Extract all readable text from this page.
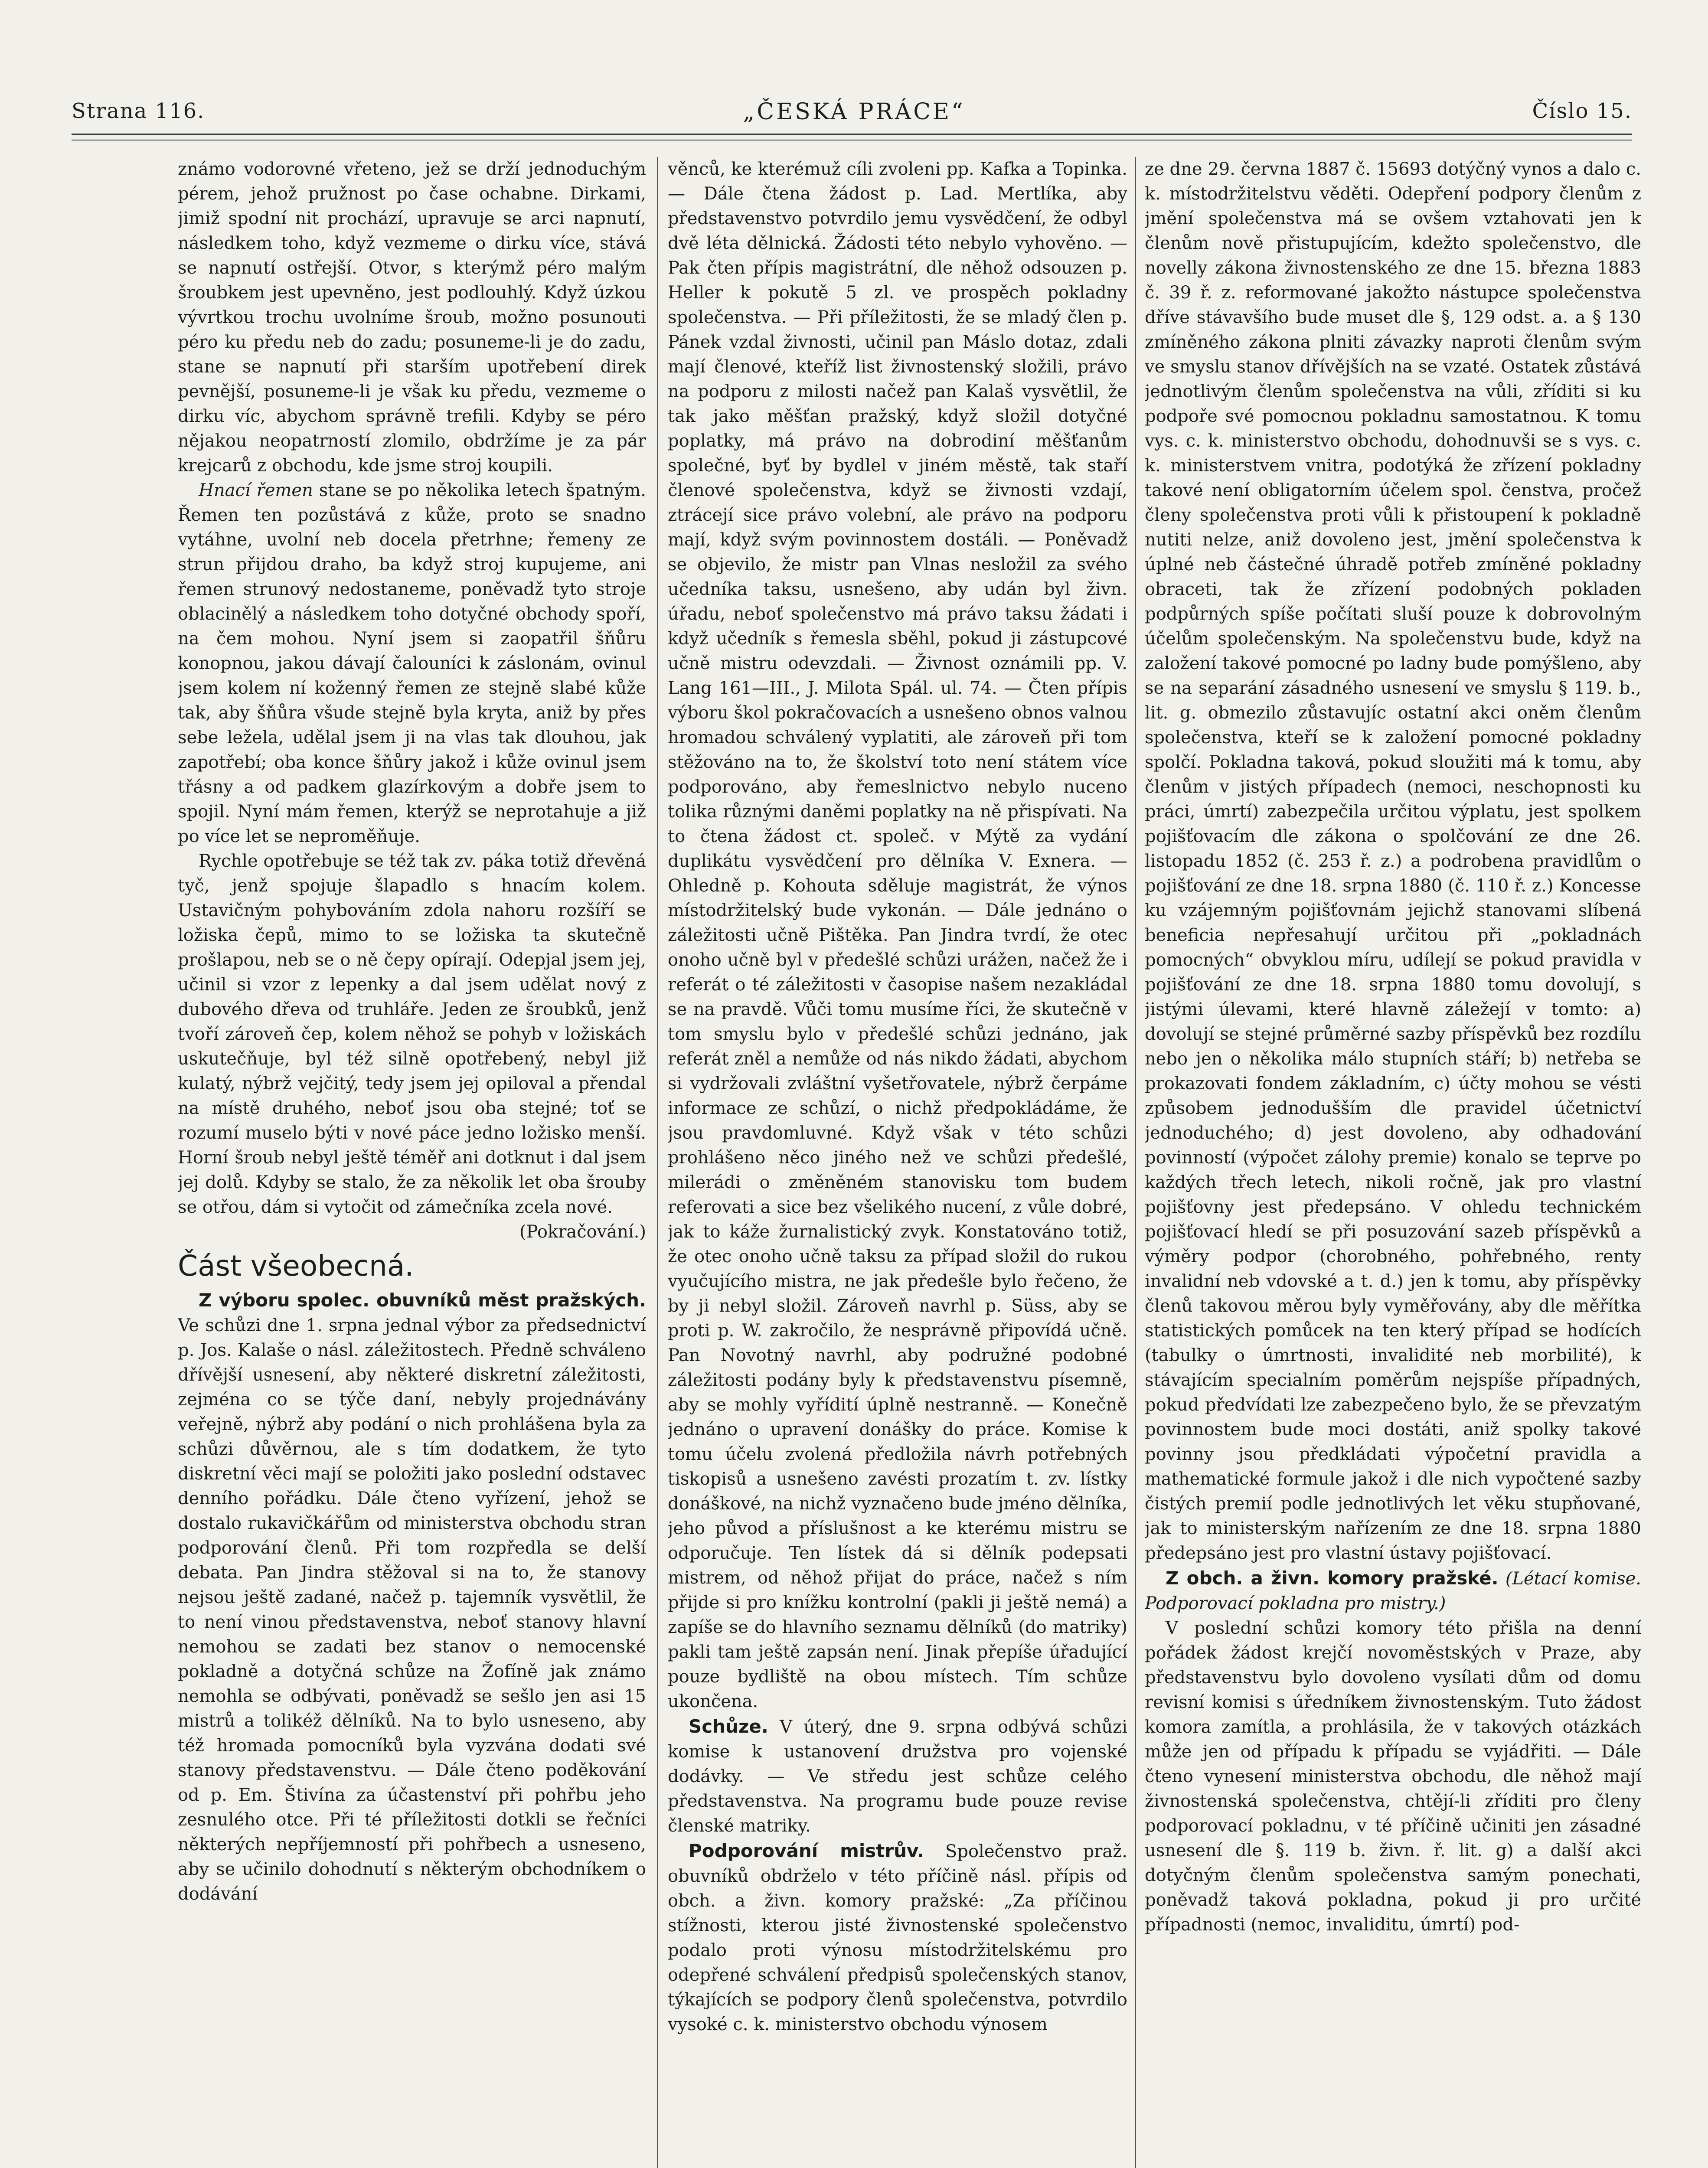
Strana 116.	„ČESKÁ PRÁCE“	Číslo 15.

známo vodorovné vřeteno, jež se drží jednoduchým pérem, jehož pružnost po čase ochabne. Dirkami, jimiž spodní nit prochází, upravuje se arci napnutí, následkem toho, když vezmeme o dirku více, stává se napnutí ostřejší. Otvor, s kterýmž péro malým šroubkem jest upevněno, jest podlouhlý. Když úzkou vývrtkou trochu uvolníme šroub, možno posunouti péro ku předu neb do zadu; posuneme-li je do zadu, stane se napnutí při starším upotřebení direk pevnější, posuneme-li je však ku předu, vezmeme o dirku víc, abychom správně trefili. Kdyby se péro nějakou neopatrností zlomilo, obdržíme je za pár krejcarů z obchodu, kde jsme stroj koupili.

Hnací řemen stane se po několika letech špatným. Řemen ten pozůstává z kůže, proto se snadno vytáhne, uvolní neb docela přetrhne; řemeny ze strun přijdou draho, ba když stroj kupujeme, ani řemen strunový nedostaneme, poněvadž tyto stroje oblacinělý a následkem toho dotyčné obchody spoří, na čem mohou. Nyní jsem si zaopatřil šňůru konopnou, jakou dávají čalouníci k záslonám, ovinul jsem kolem ní koženný řemen ze stejně slabé kůže tak, aby šňůra všude stejně byla kryta, aniž by přes sebe ležela, udělal jsem ji na vlas tak dlouhou, jak zapotřebí; oba konce šňůry jakož i kůže ovinul jsem třásny a od padkem glazírkovým a dobře jsem to spojil. Nyní mám řemen, kterýž se neprotahuje a již po více let se neproměňuje.

Rychle opotřebuje se též tak zv. páka totiž dřevěná tyč, jenž spojuje šlapadlo s hnacím kolem. Ustavičným pohybováním zdola nahoru rozšíří se ložiska čepů, mimo to se ložiska ta skutečně prošlapou, neb se o ně čepy opírají. Odepjal jsem jej, učinil si vzor z lepenky a dal jsem udělat nový z dubového dřeva od truhláře. Jeden ze šroubků, jenž tvoří zároveň čep, kolem něhož se pohyb v ložiskách uskutečňuje, byl též silně opotřebený, nebyl již kulatý, nýbrž vejčitý, tedy jsem jej opiloval a přendal na místě druhého, neboť jsou oba stejné; toť se rozumí muselo býti v nové páce jedno ložisko menší. Horní šroub nebyl ještě téměř ani dotknut i dal jsem jej dolů. Kdyby se stalo, že za několik let oba šrouby se otřou, dám si vytočit od zámečníka zcela nové.

(Pokračování.)

Část všeobecná.

Z výboru spolec. obuvníků měst pražských. Ve schůzi dne 1. srpna jednal výbor za předsednictví p. Jos. Kalaše o násl. záležitostech. Předně schváleno dřívější usnesení, aby některé diskretní záležitosti, zejména co se týče daní, nebyly projednávány veřejně, nýbrž aby podání o nich prohlášena byla za schůzi důvěrnou, ale s tím dodatkem, že tyto diskretní věci mají se položiti jako poslední odstavec denního pořádku. Dále čteno vyřízení, jehož se dostalo rukavičkářům od ministerstva obchodu stran podporování členů. Při tom rozpředla se delší debata. Pan Jindra stěžoval si na to, že stanovy nejsou ještě zadané, načež p. tajemník vysvětlil, že to není vinou představenstva, neboť stanovy hlavní nemohou se zadati bez stanov o nemocenské pokladně a dotyčná schůze na Žofíně jak známo nemohla se odbývati, poněvadž se sešlo jen asi 15 mistrů a tolikéž dělníků. Na to bylo usneseno, aby též hromada pomocníků byla vyzvána dodati své stanovy představenstvu. — Dále čteno poděkování od p. Em. Štivína za účastenství při pohřbu jeho zesnulého otce. Při té příležitosti dotkli se řečníci některých nepříjemností při pohřbech a usneseno, aby se učinilo dohodnutí s některým obchodníkem o dodávání

věnců, ke kterémuž cíli zvoleni pp. Kafka a Topinka. — Dále čtena žádost p. Lad. Mertlíka, aby představenstvo potvrdilo jemu vysvědčení, že odbyl dvě léta dělnická. Žádosti této nebylo vyhověno. — Pak čten přípis magistrátní, dle něhož odsouzen p. Heller k pokutě 5 zl. ve prospěch pokladny společenstva. — Při příležitosti, že se mladý člen p. Pánek vzdal živnosti, učinil pan Máslo dotaz, zdali mají členové, kteříž list živnostenský složili, právo na podporu z milosti načež pan Kalaš vysvětlil, že tak jako měšťan pražský, když složil dotyčné poplatky, má právo na dobrodiní měšťanům společné, byť by bydlel v jiném městě, tak staří členové společenstva, když se živnosti vzdají, ztrácejí sice právo volební, ale právo na podporu mají, když svým povinnostem dostáli. — Poněvadž se objevilo, že mistr pan Vlnas nesložil za svého učedníka taksu, usnešeno, aby udán byl živn. úřadu, neboť společenstvo má právo taksu žádati i když učedník s řemesla sběhl, pokud ji zástupcové učně mistru odevzdali. — Živnost oznámili pp. V. Lang 161—III., J. Milota Spál. ul. 74. — Čten přípis výboru škol pokračovacích a usnešeno obnos valnou hromadou schválený vyplatiti, ale zároveň při tom stěžováno na to, že školství toto není státem více podporováno, aby řemeslnictvo nebylo nuceno tolika různými daněmi poplatky na ně přispívati. Na to čtena žádost ct. společ. v Mýtě za vydání duplikátu vysvědčení pro dělníka V. Exnera. — Ohledně p. Kohouta sděluje magistrát, že výnos místodržitelský bude vykonán. — Dále jednáno o záležitosti učně Pištěka. Pan Jindra tvrdí, že otec onoho učně byl v předešlé schůzi urážen, načež že i referát o té záležitosti v časopise našem nezakládal se na pravdě. Vůči tomu musíme říci, že skutečně v tom smyslu bylo v předešlé schůzi jednáno, jak referát zněl a nemůže od nás nikdo žádati, abychom si vydržovali zvláštní vyšetřovatele, nýbrž čerpáme informace ze schůzí, o nichž předpokládáme, že jsou pravdomluvné. Když však v této schůzi prohlášeno něco jiného než ve schůzi předešlé, milerádi o změněném stanovisku tom budem referovati a sice bez všelikého nucení, z vůle dobré, jak to káže žurnalistický zvyk. Konstatováno totiž, že otec onoho učně taksu za případ složil do rukou vyučujícího mistra, ne jak předešle bylo řečeno, že by ji nebyl složil. Zároveň navrhl p. Süss, aby se proti p. W. zakročilo, že nesprávně připovídá učně. Pan Novotný navrhl, aby podružné podobné záležitosti podány byly k představenstvu písemně, aby se mohly vyřídití úplně nestranně. — Konečně jednáno o upravení donášky do práce. Komise k tomu účelu zvolená předložila návrh potřebných tiskopisů a usnešeno zavésti prozatím t. zv. lístky donáškové, na nichž vyznačeno bude jméno dělníka, jeho původ a příslušnost a ke kterému mistru se odporučuje. Ten lístek dá si dělník podepsati mistrem, od něhož přijat do práce, načež s ním přijde si pro knížku kontrolní (pakli ji ještě nemá) a zapíše se do hlavního seznamu dělníků (do matriky) pakli tam ještě zapsán není. Jinak přepíše úřadující pouze bydliště na obou místech. Tím schůze ukončena.

Schůze. V úterý, dne 9. srpna odbývá schůzi komise k ustanovení družstva pro vojenské dodávky. — Ve středu jest schůze celého představenstva. Na programu bude pouze revise členské matriky.

Podporování mistrův. Společenstvo praž. obuvníků obdrželo v této příčině násl. přípis od obch. a živn. komory pražské: „Za příčinou stížnosti, kterou jisté živnostenské společenstvo podalo proti výnosu místodržitelskému pro odepřené schválení předpisů společenských stanov, týkajících se podpory členů společenstva, potvrdilo vysoké c. k. ministerstvo obchodu výnosem

ze dne 29. června 1887 č. 15693 dotýčný vynos a dalo c. k. místodržitelstvu věděti. Odepření podpory členům z jmění společenstva má se ovšem vztahovati jen k členům nově přistupujícím, kdežto společenstvo, dle novelly zákona živnostenského ze dne 15. března 1883 č. 39 ř. z. reformované jakožto nástupce společenstva dříve stávavšího bude muset dle §, 129 odst. a. a § 130 zmíněného zákona plniti závazky naproti členům svým ve smyslu stanov dřívějších na se vzaté. Ostatek zůstává jednotlivým členům společenstva na vůli, zříditi si ku podpoře své pomocnou pokladnu samostatnou. K tomu vys. c. k. ministerstvo obchodu, dohodnuvši se s vys. c. k. ministerstvem vnitra, podotýká že zřízení pokladny takové není obligatorním účelem spol. čenstva, pročež členy společenstva proti vůli k přistoupení k pokladně nutiti nelze, aniž dovoleno jest, jmění společenstva k úplné neb částečné úhradě potřeb zmíněné pokladny obraceti, tak že zřízení podobných pokladen podpůrných spíše počítati sluší pouze k dobrovolným účelům společenským. Na společenstvu bude, když na založení takové pomocné po ladny bude pomýšleno, aby se na separání zásadného usnesení ve smyslu § 119. b., lit. g. obmezilo zůstavujíc ostatní akci oněm členům společenstva, kteří se k založení pomocné pokladny spolčí. Pokladna taková, pokud sloužiti má k tomu, aby členům v jistých případech (nemoci, neschopnosti ku práci, úmrtí) zabezpečila určitou výplatu, jest spolkem pojišťovacím dle zákona o spolčování ze dne 26. listopadu 1852 (č. 253 ř. z.) a podrobena pravidlům o pojišťování ze dne 18. srpna 1880 (č. 110 ř. z.) Koncesse ku vzájemným pojišťovnám jejichž stanovami slíbená beneficia nepřesahují určitou při „pokladnách pomocných“ obvyklou míru, udílejí se pokud pravidla v pojišťování ze dne 18. srpna 1880 tomu dovolují, s jistými úlevami, které hlavně záležejí v tomto: a) dovolují se stejné průměrné sazby příspěvků bez rozdílu nebo jen o několika málo stupních stáří; b) netřeba se prokazovati fondem základním, c) účty mohou se vésti způsobem jednodušším dle pravidel účetnictví jednoduchého; d) jest dovoleno, aby odhadování povinností (výpočet zálohy premie) konalo se teprve po každých třech letech, nikoli ročně, jak pro vlastní pojišťovny jest předepsáno. V ohledu technickém pojišťovací hledí se při posuzování sazeb příspěvků a výměry podpor (chorobného, pohřebného, renty invalidní neb vdovské a t. d.) jen k tomu, aby příspěvky členů takovou měrou byly vyměřovány, aby dle měřítka statistických pomůcek na ten který případ se hodících (tabulky o úmrtnosti, invalidité neb morbilité), k stávajícím specialním poměrům nejspíše případných, pokud předvídati lze zabezpečeno bylo, že se převzatým povinnostem bude moci dostáti, aniž spolky takové povinny jsou předkládati výpočetní pravidla a mathematické formule jakož i dle nich vypočtené sazby čistých premií podle jednotlivých let věku stupňované, jak to ministerským nařízením ze dne 18. srpna 1880 předepsáno jest pro vlastní ústavy pojišťovací.

Z obch. a živn. komory pražské. (Létací komise. Podporovací pokladna pro mistry.)

V poslední schůzi komory této přišla na denní pořádek žádost krejčí novoměstských v Praze, aby představenstvu bylo dovoleno vysílati dům od domu revisní komisi s úředníkem živnostenským. Tuto žádost komora zamítla, a prohlásila, že v takových otázkách může jen od případu k případu se vyjádřiti. — Dále čteno vynesení ministerstva obchodu, dle něhož mají živnostenská společenstva, chtějí-li zříditi pro členy podporovací pokladnu, v té příčině učiniti jen zásadné usnesení dle §. 119 b. živn. ř. lit. g) a další akci dotyčným členům společenstva samým ponechati, poněvadž taková pokladna, pokud ji pro určité případnosti (nemoc, invaliditu, úmrtí) pod-
